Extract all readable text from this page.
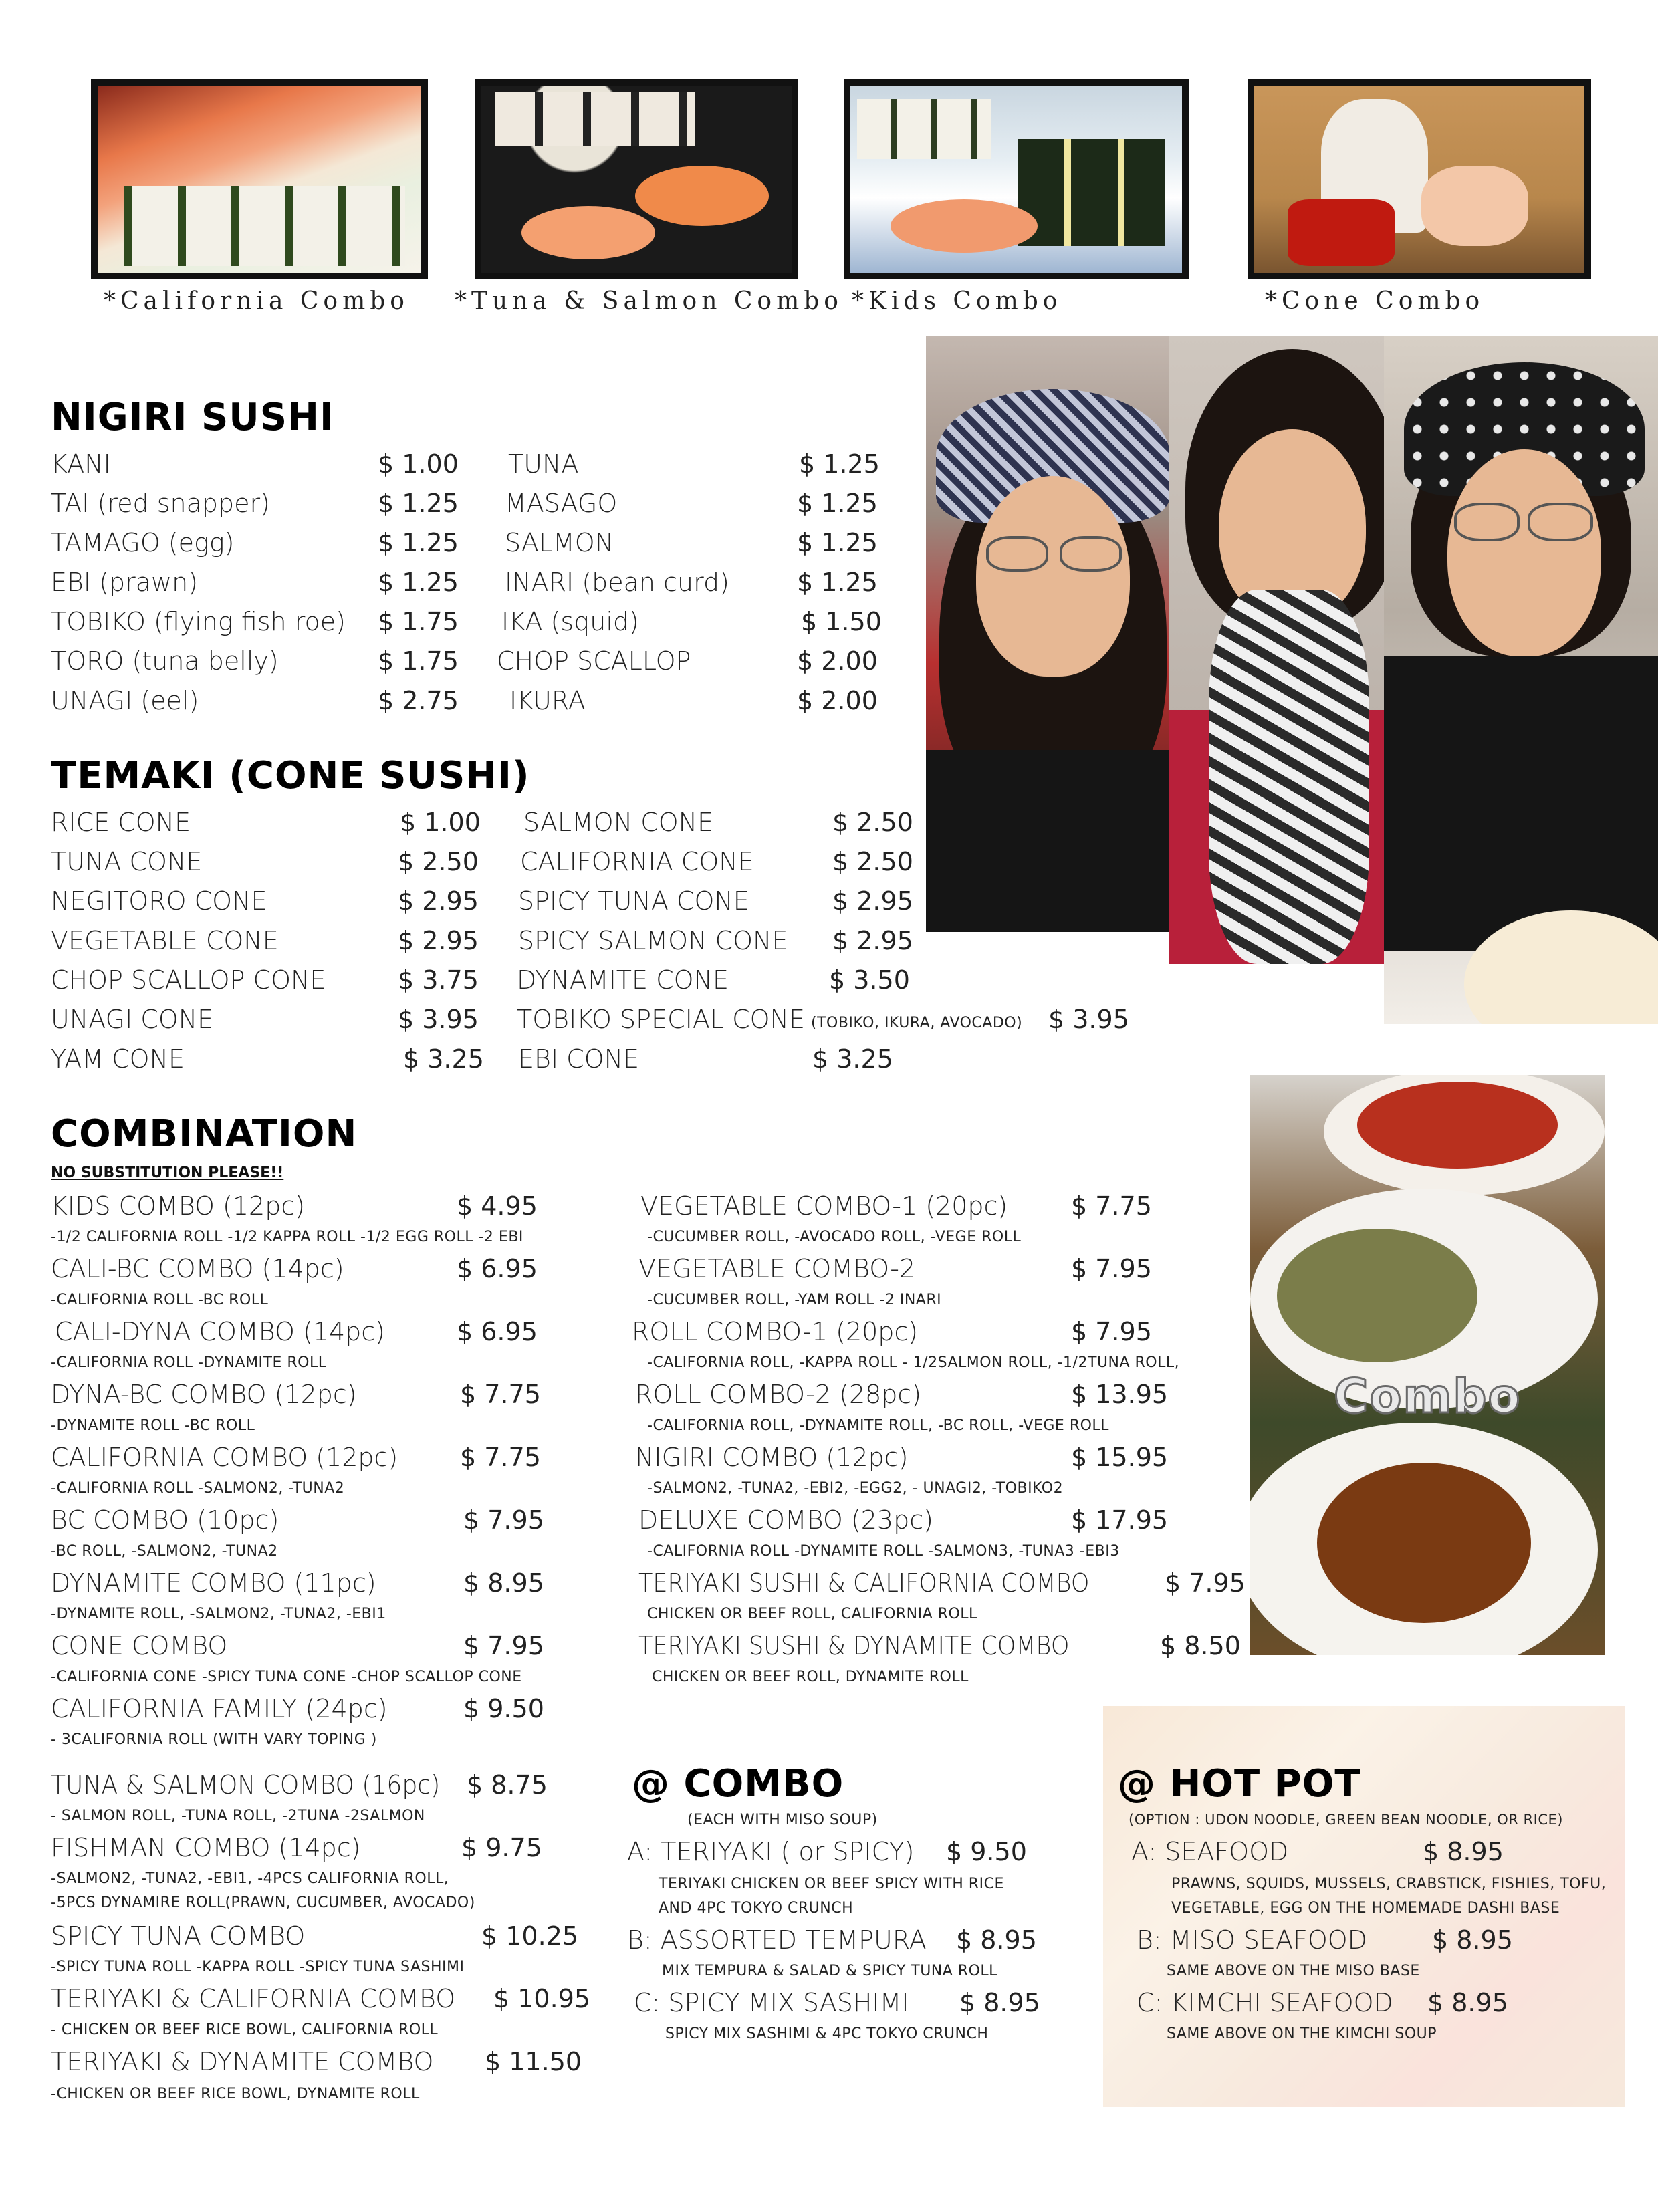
*California Combo *Tuna & Salmon Combo *Kids Combo	*Cone Combo
Combo
NIGIRI SUSHI
KANI	$ 1.00
TAI (red snapper)	$ 1.25
TAMAGO (egg)	$ 1.25
EBI (prawn)	$ 1.25
TOBIKO (flying fish roe) $ 1.75
TORO (tuna belly)	$ 1.75
UNAGI (eel)	$ 2.75
TUNA	$ 1.25
MASAGO	$ 1.25
SALMON	$ 1.25
INARI (bean curd)	$ 1.25
IKA (squid)	$ 1.50
CHOP SCALLOP	$ 2.00
IKURA	$ 2.00
TEMAKI (CONE SUSHI)
RICE CONE	$ 1.00
TUNA CONE	$ 2.50
NEGITORO CONE	$ 2.95
VEGETABLE CONE	$ 2.95
CHOP SCALLOP CONE	$ 3.75
UNAGI CONE	$ 3.95
YAM CONE	$ 3.25
SALMON CONE	$ 2.50
CALIFORNIA CONE	$ 2.50
SPICY TUNA CONE	$ 2.95
SPICY SALMON CONE $ 2.95
DYNAMITE CONE	$ 3.50
TOBIKO SPECIAL CONE (TOBIKO, IKURA, AVOCADO) $ 3.95
EBI CONE	$ 3.25
COMBINATION
NO SUBSTITUTION PLEASE!!
KIDS COMBO (12pc)	$ 4.95
-1/2 CALIFORNIA ROLL -1/2 KAPPA ROLL -1/2 EGG ROLL -2 EBI
CALI-BC COMBO (14pc)	$ 6.95
-CALIFORNIA ROLL -BC ROLL
CALI-DYNA COMBO (14pc)	$ 6.95
-CALIFORNIA ROLL -DYNAMITE ROLL
DYNA-BC COMBO (12pc)	$ 7.75
-DYNAMITE ROLL -BC ROLL
CALIFORNIA COMBO (12pc) $ 7.75
-CALIFORNIA ROLL -SALMON2, -TUNA2
BC COMBO (10pc)	$ 7.95
-BC ROLL, -SALMON2, -TUNA2
DYNAMITE COMBO (11pc)	$ 8.95
-DYNAMITE ROLL, -SALMON2, -TUNA2, -EBI1
CONE COMBO	$ 7.95
-CALIFORNIA CONE -SPICY TUNA CONE -CHOP SCALLOP CONE
CALIFORNIA FAMILY (24pc)	$ 9.50
- 3CALIFORNIA ROLL (WITH VARY TOPING )
VEGETABLE COMBO-1 (20pc) $ 7.75
-CUCUMBER ROLL, -AVOCADO ROLL, -VEGE ROLL
VEGETABLE COMBO-2	$ 7.95
-CUCUMBER ROLL, -YAM ROLL -2 INARI
ROLL COMBO-1 (20pc)	$ 7.95
-CALIFORNIA ROLL, -KAPPA ROLL - 1/2SALMON ROLL, -1/2TUNA ROLL,
ROLL COMBO-2 (28pc)	$ 13.95
-CALIFORNIA ROLL, -DYNAMITE ROLL, -BC ROLL, -VEGE ROLL
NIGIRI COMBO (12pc)	$ 15.95
-SALMON2, -TUNA2, -EBI2, -EGG2, - UNAGI2, -TOBIKO2
DELUXE COMBO (23pc)	$ 17.95
-CALIFORNIA ROLL -DYNAMITE ROLL -SALMON3, -TUNA3 -EBI3
TERIYAKI SUSHI & CALIFORNIA COMBO	$ 7.95
CHICKEN OR BEEF ROLL, CALIFORNIA ROLL
TERIYAKI SUSHI & DYNAMITE COMBO	$ 8.50
CHICKEN OR BEEF ROLL, DYNAMITE ROLL
TUNA & SALMON COMBO (16pc) $ 8.75
- SALMON ROLL, -TUNA ROLL, -2TUNA -2SALMON
FISHMAN COMBO (14pc)	$ 9.75
-SALMON2, -TUNA2, -EBI1, -4PCS CALIFORNIA ROLL,
-5PCS DYNAMIRE ROLL(PRAWN, CUCUMBER, AVOCADO)
SPICY TUNA COMBO	$ 10.25
-SPICY TUNA ROLL -KAPPA ROLL -SPICY TUNA SASHIMI
TERIYAKI & CALIFORNIA COMBO $ 10.95
- CHICKEN OR BEEF RICE BOWL, CALIFORNIA ROLL
TERIYAKI & DYNAMITE COMBO $ 11.50
-CHICKEN OR BEEF RICE BOWL, DYNAMITE ROLL
@ COMBO
(EACH WITH MISO SOUP)
A: TERIYAKI ( or SPICY) $ 9.50
TERIYAKI CHICKEN OR BEEF SPICY WITH RICE
AND 4PC TOKYO CRUNCH
B: ASSORTED TEMPURA $ 8.95
MIX TEMPURA & SALAD & SPICY TUNA ROLL
C: SPICY MIX SASHIMI $ 8.95
SPICY MIX SASHIMI & 4PC TOKYO CRUNCH
@ HOT POT
(OPTION : UDON NOODLE, GREEN BEAN NOODLE, OR RICE)
A: SEAFOOD	$ 8.95
PRAWNS, SQUIDS, MUSSELS, CRABSTICK, FISHIES, TOFU,
VEGETABLE, EGG ON THE HOMEMADE DASHI BASE
B: MISO SEAFOOD	$ 8.95
SAME ABOVE ON THE MISO BASE
C: KIMCHI SEAFOOD $ 8.95
SAME ABOVE ON THE KIMCHI SOUP
